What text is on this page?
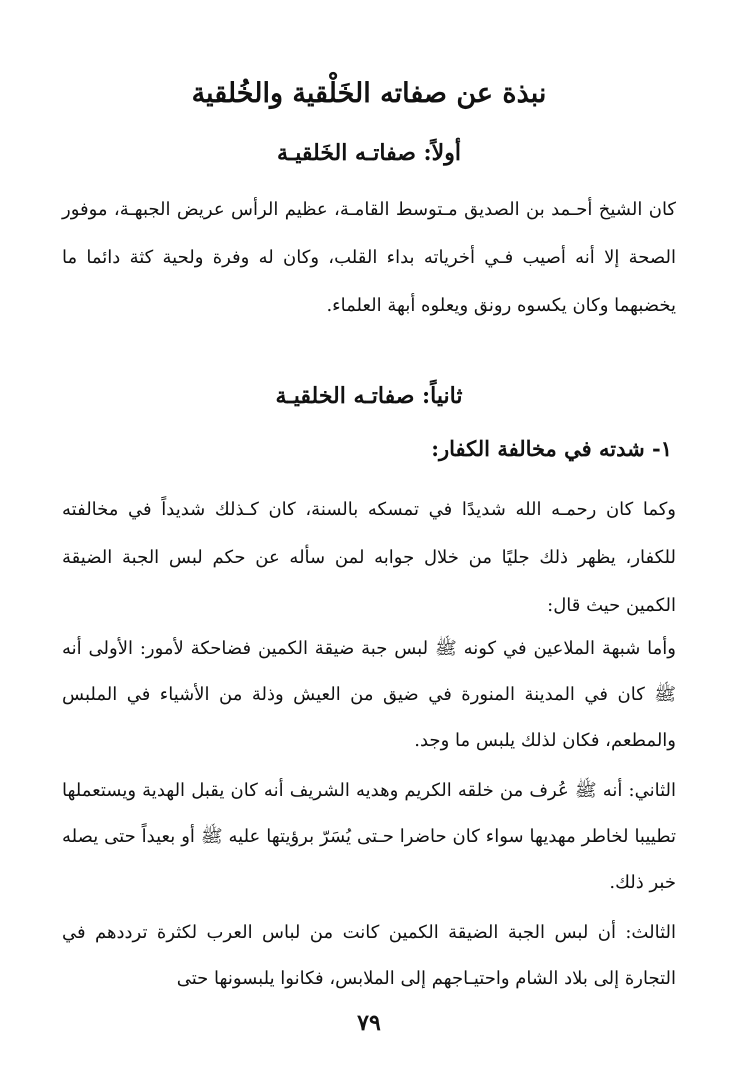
نبذة عن صفاته الخَلْقية والخُلقية
أولاً: صفاتـه الخَلقيـة

كان الشيخ أحـمد بن الصديق مـتوسط القامـة، عظيم الرأس عريض الجبهـة، موفور الصحة إلا أنه أصيب فـي أخرياته بداء القلب، وكان له وفرة ولحية كثة دائما ما يخضبهما وكان يكسوه رونق ويعلوه أبهة العلماء.

ثانياً: صفاتـه الخلقيـة
١- شدته في مخالفة الكفار:

وكما كان رحمـه الله شديدًا في تمسكه بالسنة، كان كـذلك شديداً في مخالفته للكفار، يظهر ذلك جليًا من خلال جوابه لمن سأله عن حكم لبس الجبة الضيقة الكمين حيث قال:

وأما شبهة الملاعين في كونه ﷺ لبس جبة ضيقة الكمين فضاحكة لأمور: الأولى أنه ﷺ كان في المدينة المنورة في ضيق من العيش وذلة من الأشياء في الملبس والمطعم، فكان لذلك يلبس ما وجد.

الثاني: أنه ﷺ عُرف من خلقه الكريم وهديه الشريف أنه كان يقبل الهدية ويستعملها تطييبا لخاطر مهديها سواء كان حاضرا حـتى يُسَرّ برؤيتها عليه ﷺ أو بعيداً حتى يصله خبر ذلك.

الثالث: أن لبس الجبة الضيقة الكمين كانت من لباس العرب لكثرة ترددهم في التجارة إلى بلاد الشام واحتيـاجهم إلى الملابس، فكانوا يلبسونها حتى

٧٩
